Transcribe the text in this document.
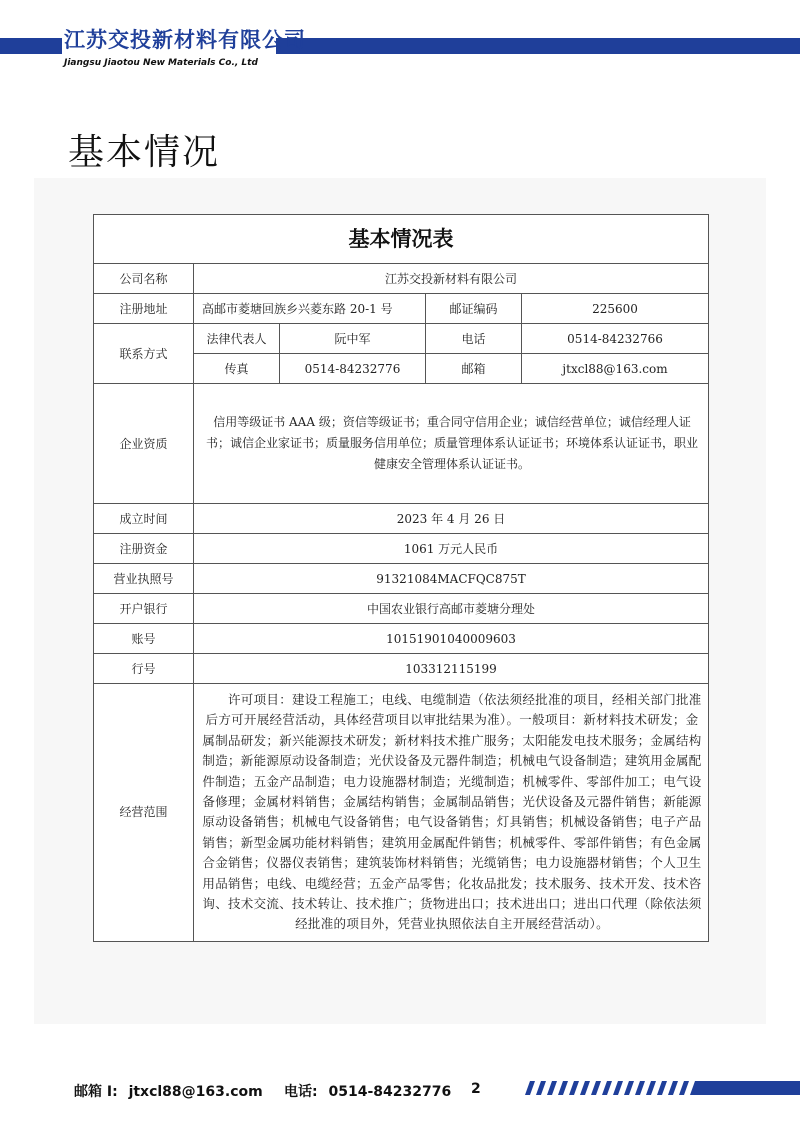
江苏交投新材料有限公司
Jiangsu Jiaotou New Materials Co., Ltd
基本情况
基本情况表				
公司名称	江苏交投新材料有限公司			
注册地址	高邮市菱塘回族乡兴菱东路 20-1 号		邮证编码	225600
联系方式	法律代表人	阮中军	电话	0514-84232766
	传真	0514-84232776	邮箱	jtxcl88@163.com
企业资质	信用等级证书 AAA 级；资信等级证书；重合同守信用企业；诚信经营单位；诚信经理人证书；诚信企业家证书；质量服务信用单位；质量管理体系认证证书；环境体系认证证书，职业健康安全管理体系认证证书。			
成立时间	2023 年 4 月 26 日			
注册资金	1061 万元人民币			
营业执照号	91321084MACFQC875T			
开户银行	中国农业银行高邮市菱塘分理处			
账号	10151901040009603			
行号	103312115199			
经营范围	　　许可项目：建设工程施工；电线、电缆制造（依法须经批准的项目，经相关部门批准后方可开展经营活动，具体经营项目以审批结果为准）。一般项目：新材料技术研发；金属制品研发；新兴能源技术研发；新材料技术推广服务；太阳能发电技术服务；金属结构制造；新能源原动设备制造；光伏设备及元器件制造；机械电气设备制造；建筑用金属配件制造；五金产品制造；电力设施器材制造；光缆制造；机械零件、零部件加工；电气设备修理；金属材料销售；金属结构销售；金属制品销售；光伏设备及元器件销售；新能源原动设备销售；机械电气设备销售；电气设备销售；灯具销售；机械设备销售；电子产品销售；新型金属功能材料销售；建筑用金属配件销售；机械零件、零部件销售；有色金属合金销售；仪器仪表销售；建筑装饰材料销售；光缆销售；电力设施器材销售；个人卫生用品销售；电线、电缆经营；五金产品零售；化妆品批发；技术服务、技术开发、技术咨询、技术交流、技术转让、技术推广；货物进出口；技术进出口；进出口代理（除依法须经批准的项目外，凭营业执照依法自主开展经营活动）。			
邮箱 I: jtxcl88@163.com 电话: 0514-84232776 2
